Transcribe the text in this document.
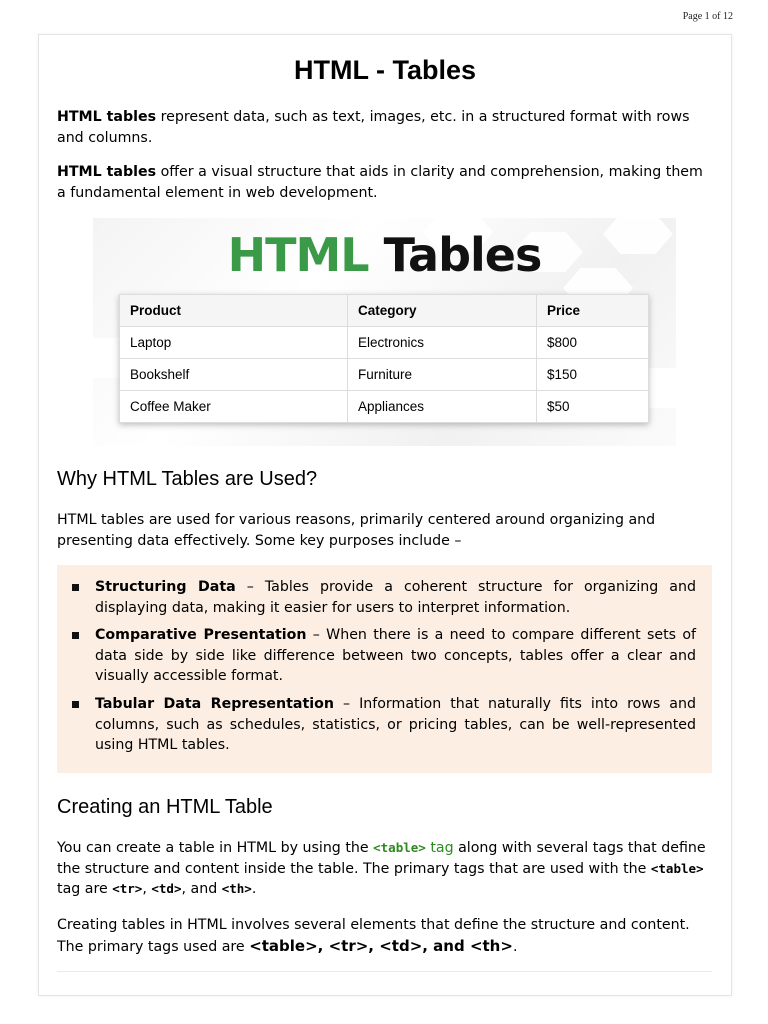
Page 1 of 12
HTML - Tables
HTML tables represent data, such as text, images, etc. in a structured format with rows and columns.
HTML tables offer a visual structure that aids in clarity and comprehension, making them a fundamental element in web development.
HTML Tables
Product	Category	Price
Laptop	Electronics	$800
Bookshelf	Furniture	$150
Coffee Maker	Appliances	$50
Why HTML Tables are Used?
HTML tables are used for various reasons, primarily centered around organizing and presenting data effectively. Some key purposes include –
Structuring Data – Tables provide a coherent structure for organizing and displaying data, making it easier for users to interpret information.
Comparative Presentation – When there is a need to compare different sets of data side by side like difference between two concepts, tables offer a clear and visually accessible format.
Tabular Data Representation – Information that naturally fits into rows and columns, such as schedules, statistics, or pricing tables, can be well-represented using HTML tables.
Creating an HTML Table
You can create a table in HTML by using the <table> tag along with several tags that define the structure and content inside the table. The primary tags that are used with the <table> tag are <tr>, <td>, and <th>.
Creating tables in HTML involves several elements that define the structure and content. The primary tags used are <table>, <tr>, <td>, and <th>.
